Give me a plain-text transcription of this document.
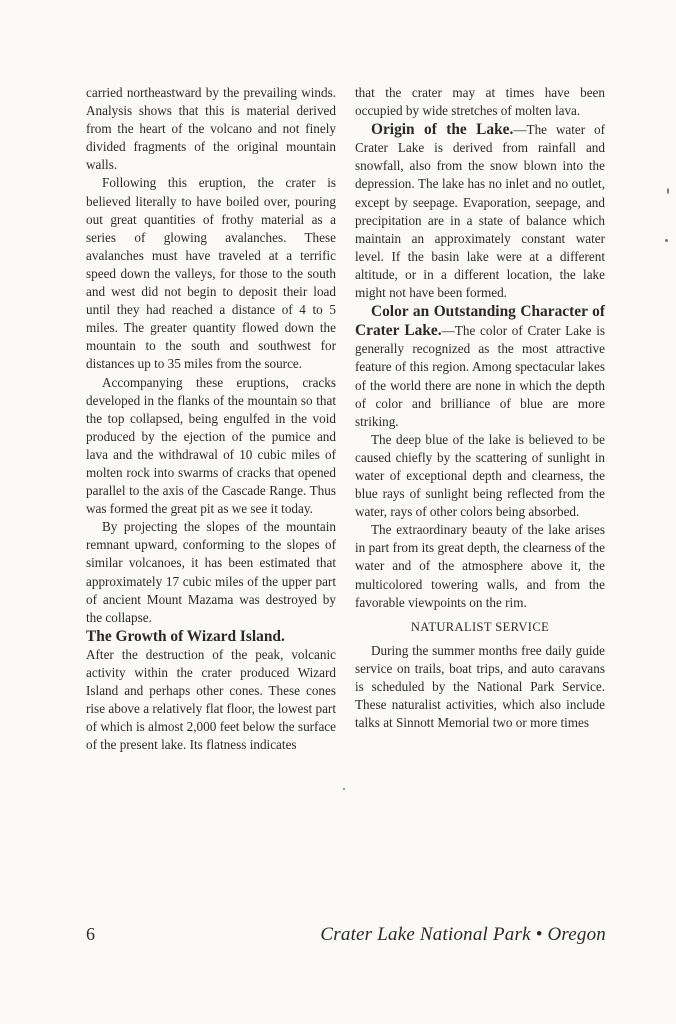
carried northeastward by the prevailing winds. Analysis shows that this is material derived from the heart of the volcano and not finely divided fragments of the original mountain walls.

Following this eruption, the crater is believed literally to have boiled over, pouring out great quantities of frothy material as a series of glowing avalanches. These avalanches must have traveled at a terrific speed down the valleys, for those to the south and west did not begin to deposit their load until they had reached a distance of 4 to 5 miles. The greater quantity flowed down the mountain to the south and southwest for distances up to 35 miles from the source.

Accompanying these eruptions, cracks developed in the flanks of the mountain so that the top collapsed, being engulfed in the void produced by the ejection of the pumice and lava and the withdrawal of 10 cubic miles of molten rock into swarms of cracks that opened parallel to the axis of the Cascade Range. Thus was formed the great pit as we see it today.

By projecting the slopes of the mountain remnant upward, conforming to the slopes of similar volcanoes, it has been estimated that approximately 17 cubic miles of the upper part of ancient Mount Mazama was destroyed by the collapse.

The Growth of Wizard Island.

After the destruction of the peak, volcanic activity within the crater produced Wizard Island and perhaps other cones. These cones rise above a relatively flat floor, the lowest part of which is almost 2,000 feet below the surface of the present lake. Its flatness indicates

that the crater may at times have been occupied by wide stretches of molten lava.

Origin of the Lake.—The water of Crater Lake is derived from rainfall and snowfall, also from the snow blown into the depression. The lake has no inlet and no outlet, except by seepage. Evaporation, seepage, and precipitation are in a state of balance which maintain an approximately constant water level. If the basin lake were at a different altitude, or in a different location, the lake might not have been formed.

Color an Outstanding Character of Crater Lake.—The color of Crater Lake is generally recognized as the most attractive feature of this region. Among spectacular lakes of the world there are none in which the depth of color and brilliance of blue are more striking.

The deep blue of the lake is believed to be caused chiefly by the scattering of sunlight in water of exceptional depth and clearness, the blue rays of sunlight being reflected from the water, rays of other colors being absorbed.

The extraordinary beauty of the lake arises in part from its great depth, the clearness of the water and of the atmosphere above it, the multicolored towering walls, and from the favorable viewpoints on the rim.

NATURALIST SERVICE

During the summer months free daily guide service on trails, boat trips, and auto caravans is scheduled by the National Park Service. These naturalist activities, which also include talks at Sinnott Memorial two or more times

6	Crater Lake National Park • Oregon
